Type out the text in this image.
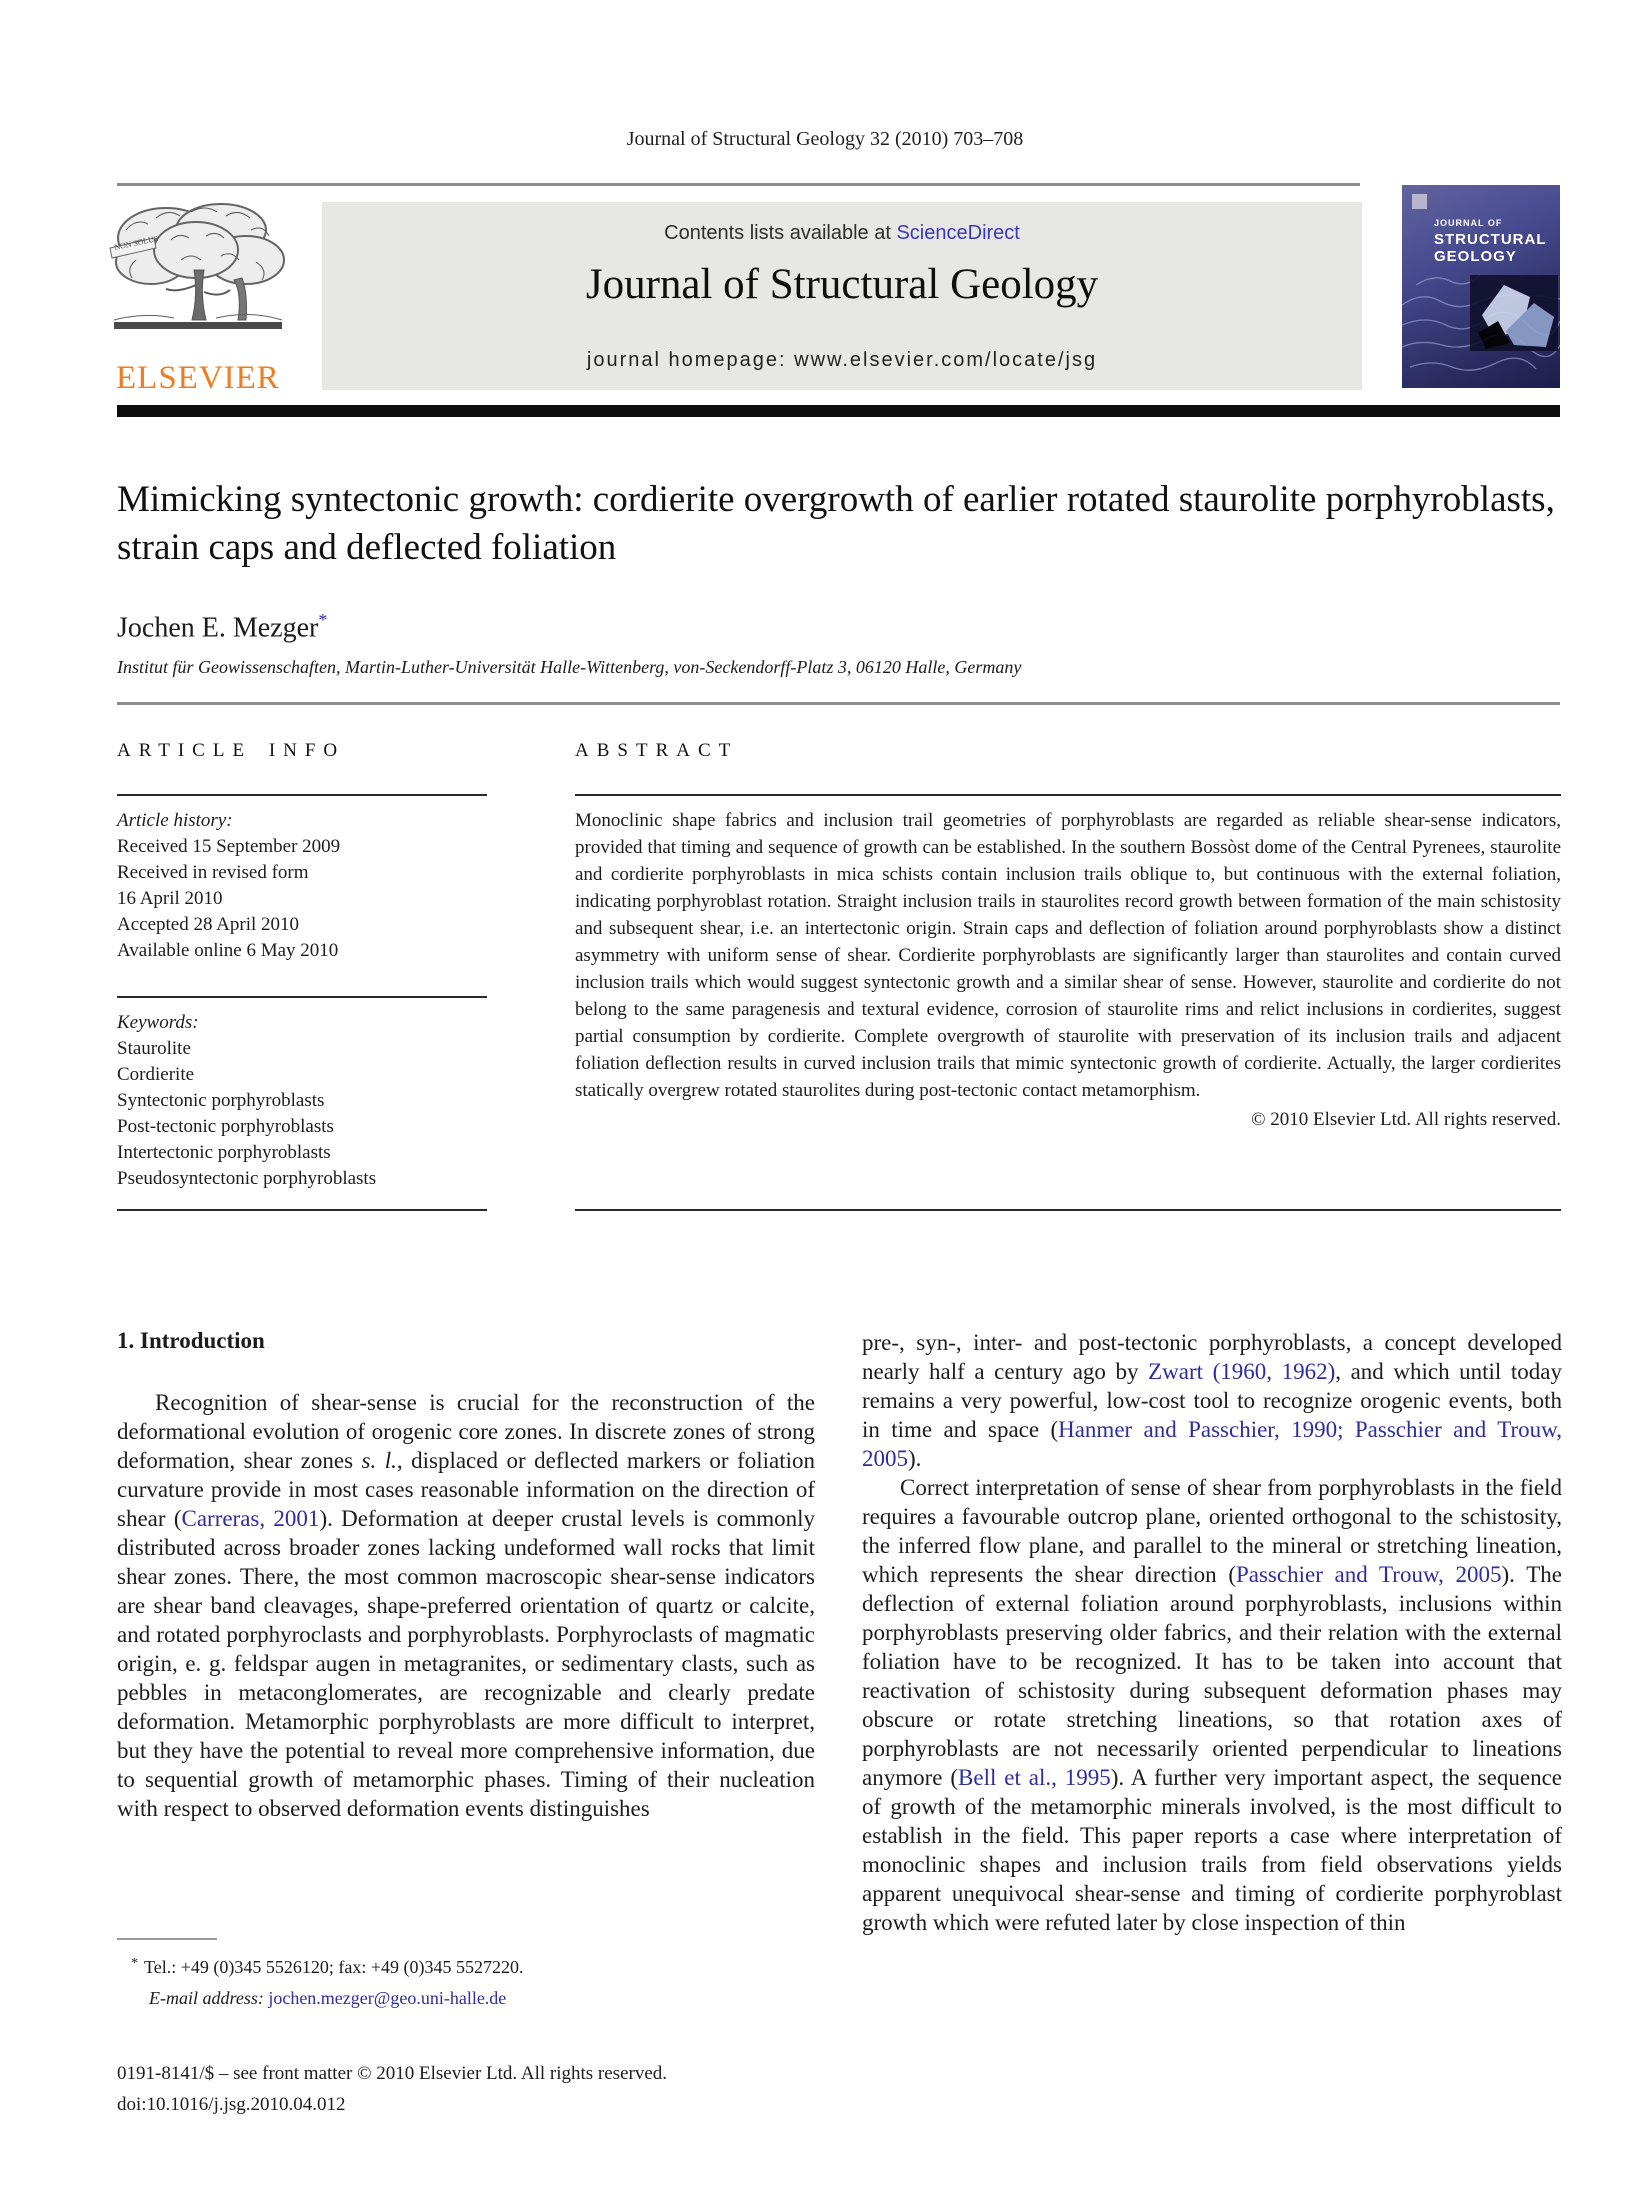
Journal of Structural Geology 32 (2010) 703–708
NON SOLUS
ELSEVIER
Contents lists available at ScienceDirect
Journal of Structural Geology
journal homepage: www.elsevier.com/locate/jsg
JOURNAL OF
STRUCTURAL
GEOLOGY
Mimicking syntectonic growth: cordierite overgrowth of earlier rotated staurolite porphyroblasts, strain caps and deflected foliation
Jochen E. Mezger*
Institut für Geowissenschaften, Martin-Luther-Universität Halle-Wittenberg, von-Seckendorff-Platz 3, 06120 Halle, Germany
ARTICLE INFO
Article history:
Received 15 September 2009
Received in revised form
16 April 2010
Accepted 28 April 2010
Available online 6 May 2010
Keywords:
Staurolite
Cordierite
Syntectonic porphyroblasts
Post-tectonic porphyroblasts
Intertectonic porphyroblasts
Pseudosyntectonic porphyroblasts
ABSTRACT
Monoclinic shape fabrics and inclusion trail geometries of porphyroblasts are regarded as reliable shear-sense indicators, provided that timing and sequence of growth can be established. In the southern Bossòst dome of the Central Pyrenees, staurolite and cordierite porphyroblasts in mica schists contain inclusion trails oblique to, but continuous with the external foliation, indicating porphyroblast rotation. Straight inclusion trails in staurolites record growth between formation of the main schistosity and subsequent shear, i.e. an intertectonic origin. Strain caps and deflection of foliation around porphyroblasts show a distinct asymmetry with uniform sense of shear. Cordierite porphyroblasts are significantly larger than staurolites and contain curved inclusion trails which would suggest syntectonic growth and a similar shear of sense. However, staurolite and cordierite do not belong to the same paragenesis and textural evidence, corrosion of staurolite rims and relict inclusions in cordierites, suggest partial consumption by cordierite. Complete overgrowth of staurolite with preservation of its inclusion trails and adjacent foliation deflection results in curved inclusion trails that mimic syntectonic growth of cordierite. Actually, the larger cordierites statically overgrew rotated staurolites during post-tectonic contact metamorphism.
© 2010 Elsevier Ltd. All rights reserved.
1. Introduction

Recognition of shear-sense is crucial for the reconstruction of the deformational evolution of orogenic core zones. In discrete zones of strong deformation, shear zones s. l., displaced or deflected markers or foliation curvature provide in most cases reasonable information on the direction of shear (Carreras, 2001). Deformation at deeper crustal levels is commonly distributed across broader zones lacking undeformed wall rocks that limit shear zones. There, the most common macroscopic shear-sense indicators are shear band cleavages, shape-preferred orientation of quartz or calcite, and rotated porphyroclasts and porphyroblasts. Porphyroclasts of magmatic origin, e. g. feldspar augen in metagranites, or sedimentary clasts, such as pebbles in metaconglomerates, are recognizable and clearly predate deformation. Metamorphic porphyroblasts are more difficult to interpret, but they have the potential to reveal more comprehensive information, due to sequential growth of metamorphic phases. Timing of their nucleation with respect to observed deformation events distinguishes

pre-, syn-, inter- and post-tectonic porphyroblasts, a concept developed nearly half a century ago by Zwart (1960, 1962), and which until today remains a very powerful, low-cost tool to recognize orogenic events, both in time and space (Hanmer and Passchier, 1990; Passchier and Trouw, 2005).

Correct interpretation of sense of shear from porphyroblasts in the field requires a favourable outcrop plane, oriented orthogonal to the schistosity, the inferred flow plane, and parallel to the mineral or stretching lineation, which represents the shear direction (Passchier and Trouw, 2005). The deflection of external foliation around porphyroblasts, inclusions within porphyroblasts preserving older fabrics, and their relation with the external foliation have to be recognized. It has to be taken into account that reactivation of schistosity during subsequent deformation phases may obscure or rotate stretching lineations, so that rotation axes of porphyroblasts are not necessarily oriented perpendicular to lineations anymore (Bell et al., 1995). A further very important aspect, the sequence of growth of the metamorphic minerals involved, is the most difficult to establish in the field. This paper reports a case where interpretation of monoclinic shapes and inclusion trails from field observations yields apparent unequivocal shear-sense and timing of cordierite porphyroblast growth which were refuted later by close inspection of thin

* Tel.: +49 (0)345 5526120; fax: +49 (0)345 5527220.
E-mail address: jochen.mezger@geo.uni-halle.de
0191-8141/$ – see front matter © 2010 Elsevier Ltd. All rights reserved.
doi:10.1016/j.jsg.2010.04.012
